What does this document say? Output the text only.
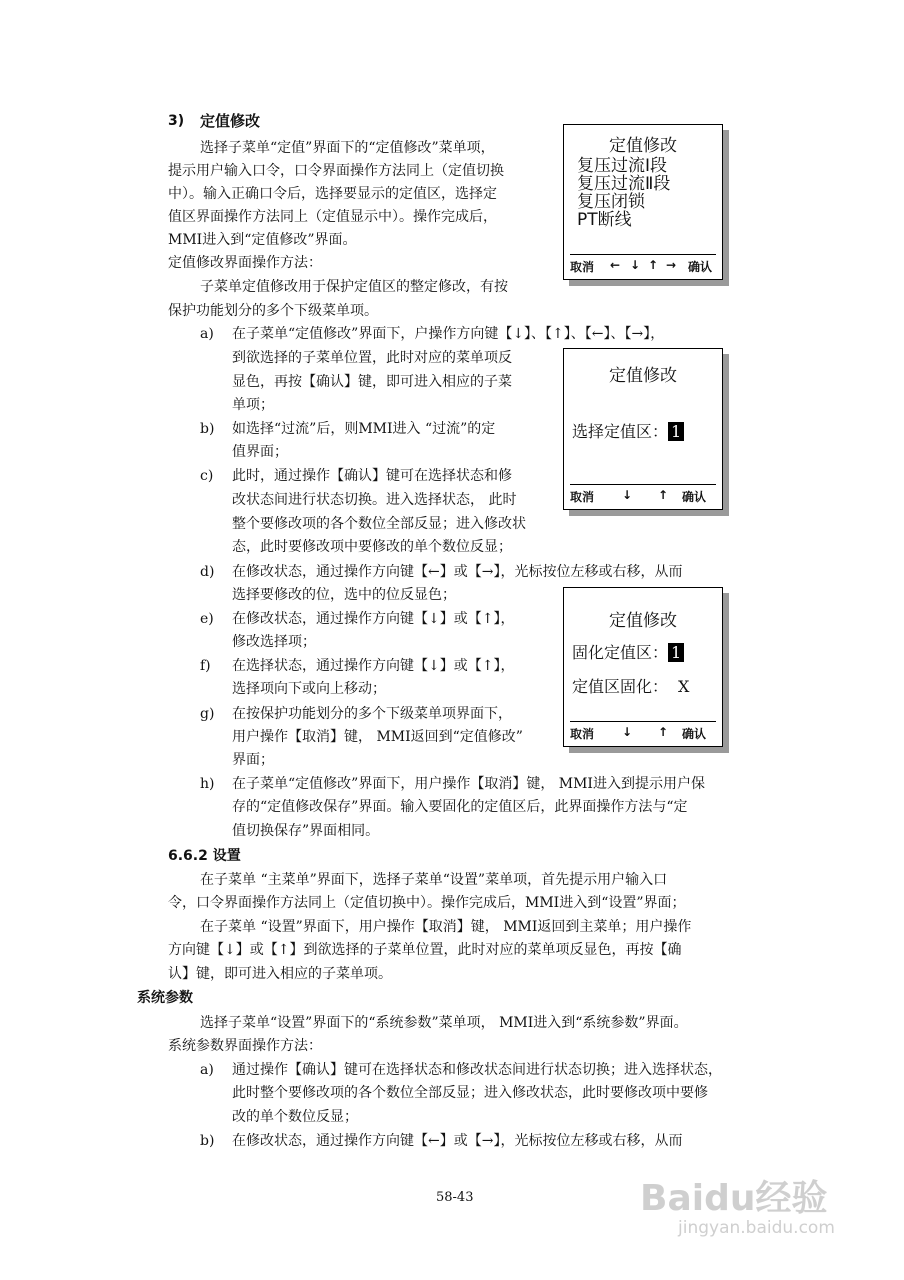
3) 定值修改
选择子菜单“定值”界面下的“定值修改”菜单项，
提示用户输入口令，口令界面操作方法同上（定值切换
中）。输入正确口令后，选择要显示的定值区，选择定
值区界面操作方法同上（定值显示中）。操作完成后，
MMI进入到“定值修改”界面。
定值修改界面操作方法：
子菜单定值修改用于保护定值区的整定修改，有按
保护功能划分的多个下级菜单项。
a) 在子菜单“定值修改”界面下，户操作方向键【↓】、【↑】、【←】、【→】，
到欲选择的子菜单位置，此时对应的菜单项反
显色，再按【确认】键，即可进入相应的子菜
单项；
b) 如选择“过流”后，则MMI进入 “过流”的定
值界面；
c) 此时，通过操作【确认】键可在选择状态和修
改状态间进行状态切换。进入选择状态， 此时
整个要修改项的各个数位全部反显；进入修改状
态，此时要修改项中要修改的单个数位反显；
d) 在修改状态，通过操作方向键【←】或【→】，光标按位左移或右移，从而
选择要修改的位，选中的位反显色；
e) 在修改状态，通过操作方向键【↓】或【↑】，
修改选择项；
f) 在选择状态，通过操作方向键【↓】或【↑】，
选择项向下或向上移动；
g) 在按保护功能划分的多个下级菜单项界面下，
用户操作【取消】键， MMI返回到“定值修改”
界面；
h) 在子菜单“定值修改”界面下，用户操作【取消】键， MMI进入到提示用户保
存的“定值修改保存”界面。输入要固化的定值区后，此界面操作方法与“定
值切换保存”界面相同。
6.6.2 设置
在子菜单 “主菜单”界面下，选择子菜单“设置”菜单项，首先提示用户输入口
令，口令界面操作方法同上（定值切换中）。操作完成后，MMI进入到“设置”界面；
在子菜单 “设置”界面下，用户操作【取消】键， MMI返回到主菜单；用户操作
方向键【↓】或【↑】到欲选择的子菜单位置，此时对应的菜单项反显色，再按【确
认】键，即可进入相应的子菜单项。
系统参数
选择子菜单“设置”界面下的“系统参数”菜单项， MMI进入到“系统参数”界面。
系统参数界面操作方法：
a) 通过操作【确认】键可在选择状态和修改状态间进行状态切换；进入选择状态，
此时整个要修改项的各个数位全部反显；进入修改状态，此时要修改项中要修
改的单个数位反显；
b) 在修改状态，通过操作方向键【←】或【→】，光标按位左移或右移，从而
定值修改
复压过流Ⅰ段
复压过流Ⅱ段
复压闭锁
PT断线
取消 ← ↓ ↑ → 确认
定值修改
选择定值区： 1
取消 ↓ ↑ 确认
定值修改
固化定值区： 1
定值区固化： X
取消 ↓ ↑ 确认
58-43	Baidu经验
jingyan.baidu.com
